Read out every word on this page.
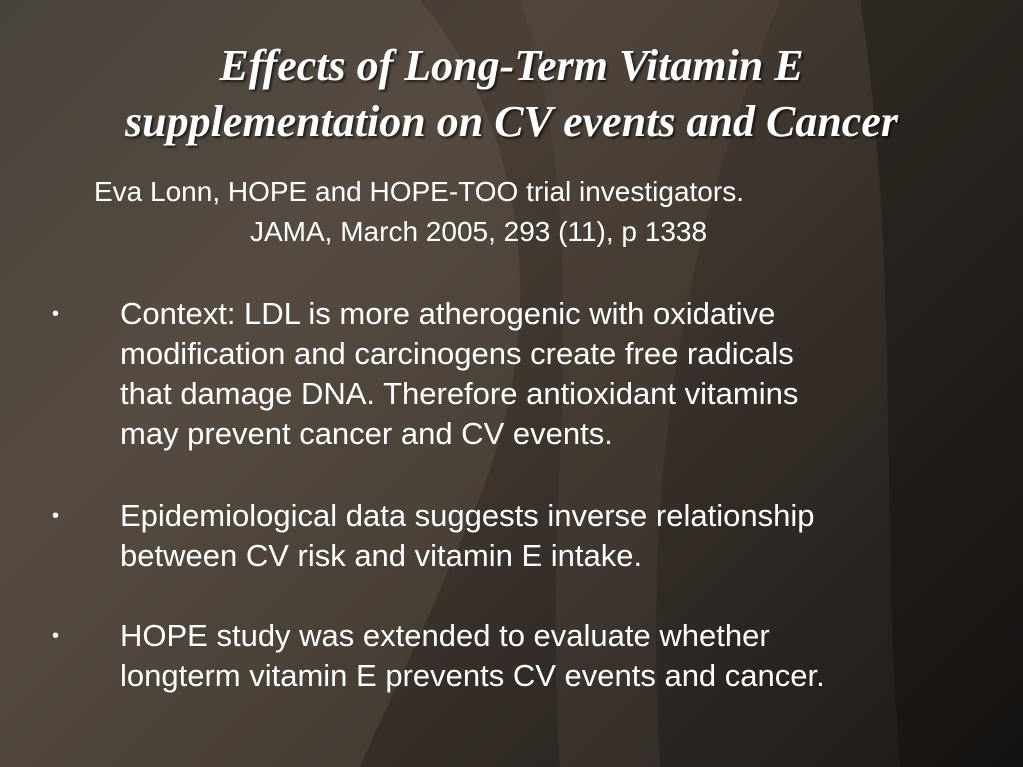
Effects of Long-Term Vitamin E
supplementation on CV events and Cancer
Eva Lonn, HOPE and HOPE-TOO trial investigators.
JAMA, March 2005, 293 (11), p 1338
• Context: LDL is more atherogenic with oxidative
modification and carcinogens create free radicals
that damage DNA. Therefore antioxidant vitamins
may prevent cancer and CV events.
• Epidemiological data suggests inverse relationship
between CV risk and vitamin E intake.
• HOPE study was extended to evaluate whether
longterm vitamin E prevents CV events and cancer.
